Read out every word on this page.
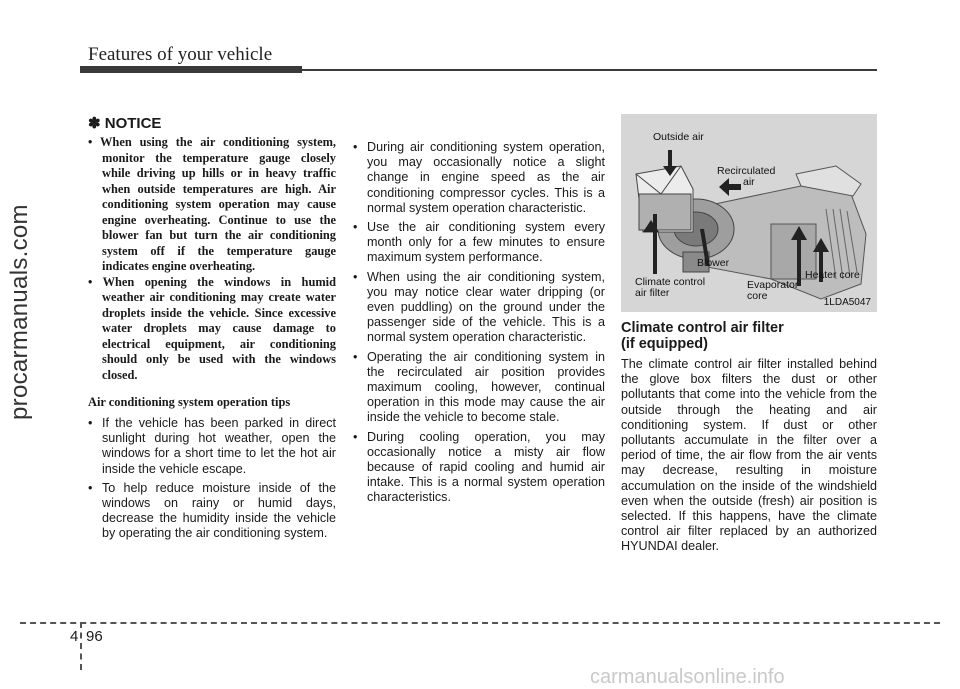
Features of your vehicle
procarmanuals.com
✽ NOTICE
• When using the air conditioning system, monitor the temperature gauge closely while driving up hills or in heavy traffic when outside temperatures are high. Air conditioning system operation may cause engine overheating. Continue to use the blower fan but turn the air conditioning system off if the temperature gauge indicates engine overheating.
• When opening the windows in humid weather air conditioning may create water droplets inside the vehicle. Since excessive water droplets may cause damage to electrical equipment, air conditioning should only be used with the windows closed.
Air conditioning system operation tips
• If the vehicle has been parked in direct sunlight during hot weather, open the windows for a short time to let the hot air inside the vehicle escape.
• To help reduce moisture inside of the windows on rainy or humid days, decrease the humidity inside the vehicle by operating the air conditioning system.
• During air conditioning system operation, you may occasionally notice a slight change in engine speed as the air conditioning compressor cycles. This is a normal system operation characteristic.
• Use the air conditioning system every month only for a few minutes to ensure maximum system performance.
• When using the air conditioning system, you may notice clear water dripping (or even puddling) on the ground under the passenger side of the vehicle. This is a normal system operation characteristic.
• Operating the air conditioning system in the recirculated air position provides maximum cooling, however, continual operation in this mode may cause the air inside the vehicle to become stale.
• During cooling operation, you may occasionally notice a misty air flow because of rapid cooling and humid air intake. This is a normal system operation characteristics.
Outside air
Recirculated
air
Blower
Climate control
air filter
Evaporator
core
Heater core
1LDA5047
Climate control air filter
(if equipped)
The climate control air filter installed behind the glove box filters the dust or other pollutants that come into the vehicle from the outside through the heating and air conditioning system. If dust or other pollutants accumulate in the filter over a period of time, the air flow from the air vents may decrease, resulting in moisture accumulation on the inside of the windshield even when the outside (fresh) air position is selected. If this happens, have the climate control air filter replaced by an authorized HYUNDAI dealer.
4 96
carmanualsonline.info
